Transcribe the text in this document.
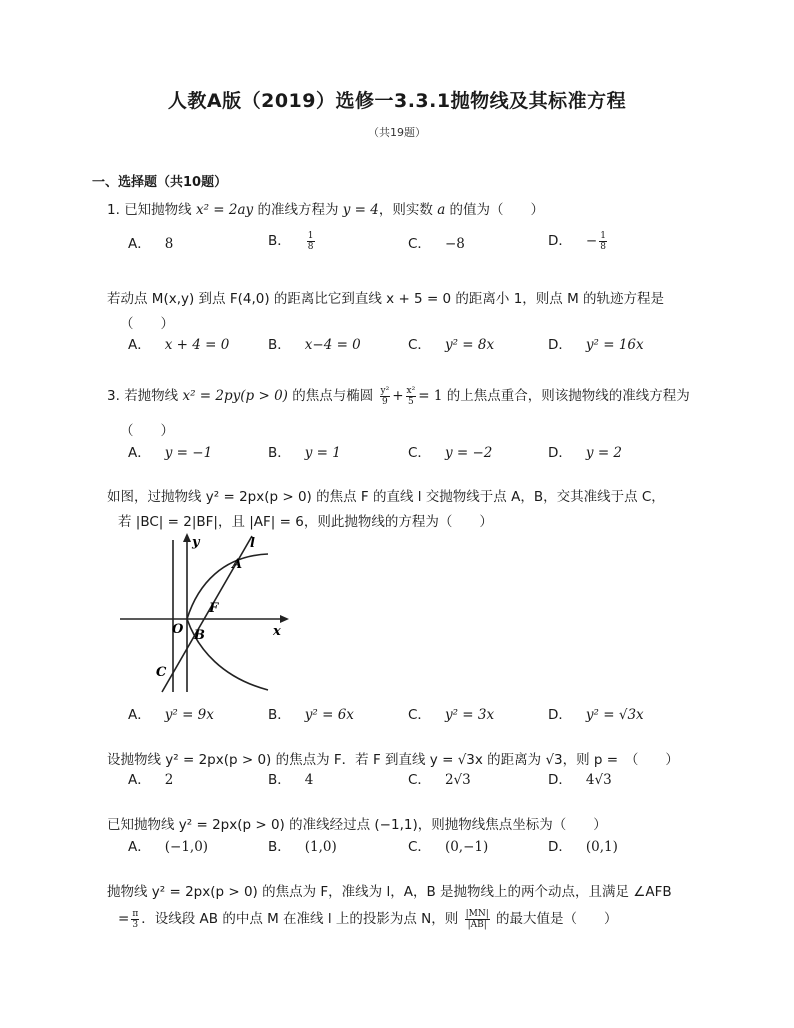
人教A版（2019）选修一3.3.1抛物线及其标准方程
（共19题）
一、选择题（共10题）
1. 已知抛物线 x² = 2ay 的准线方程为 y = 4，则实数 a 的值为（　　）
A． 8	B． $\frac{1}{8}$	C． −8	D． − $\frac{1}{8}$
若动点 M(x,y) 到点 F(4,0) 的距离比它到直线 x + 5 = 0 的距离小 1，则点 M 的轨迹方程是
（　　）
A． x + 4 = 0	B． x−4 = 0	C． y² = 8x	D． y² = 16x
3. 若抛物线 x² = 2py(p > 0) 的焦点与椭圆 $\frac{\text{y²}}{9} + \frac{\text{x²}}{5} = 1$ 的上焦点重合，则该抛物线的准线方程为
（　　）
A． y = −1	B． y = 1	C． y = −2	D． y = 2
如图，过抛物线 y² = 2px(p > 0) 的焦点 F 的直线 l 交抛物线于点 A，B，交其准线于点 C，
若 |BC| = 2|BF|，且 |AF| = 6，则此抛物线的方程为（　　）
y	l
A
F
O B	x
C
A． y² = 9x	B． y² = 6x	C． y² = 3x	D． y² = √3x
设抛物线 y² = 2px(p > 0) 的焦点为 F．若 F 到直线 y = √3x 的距离为 √3，则 p =　（　　）
A． 2	B． 4	C． 2√3	D． 4√3
已知抛物线 y² = 2px(p > 0) 的准线经过点 (−1,1)，则抛物线焦点坐标为（　　）
A． (−1,0)	B． (1,0)	C． (0,−1)	D． (0,1)
抛物线 y² = 2px(p > 0) 的焦点为 F，准线为 l，A，B 是抛物线上的两个动点，且满足 ∠AFB
= $\frac{\pi}{3}$ ．设线段 AB 的中点 M 在准线 l 上的投影为点 N，则 $\frac{|MN|}{|AB|}$ 的最大值是（　　）
